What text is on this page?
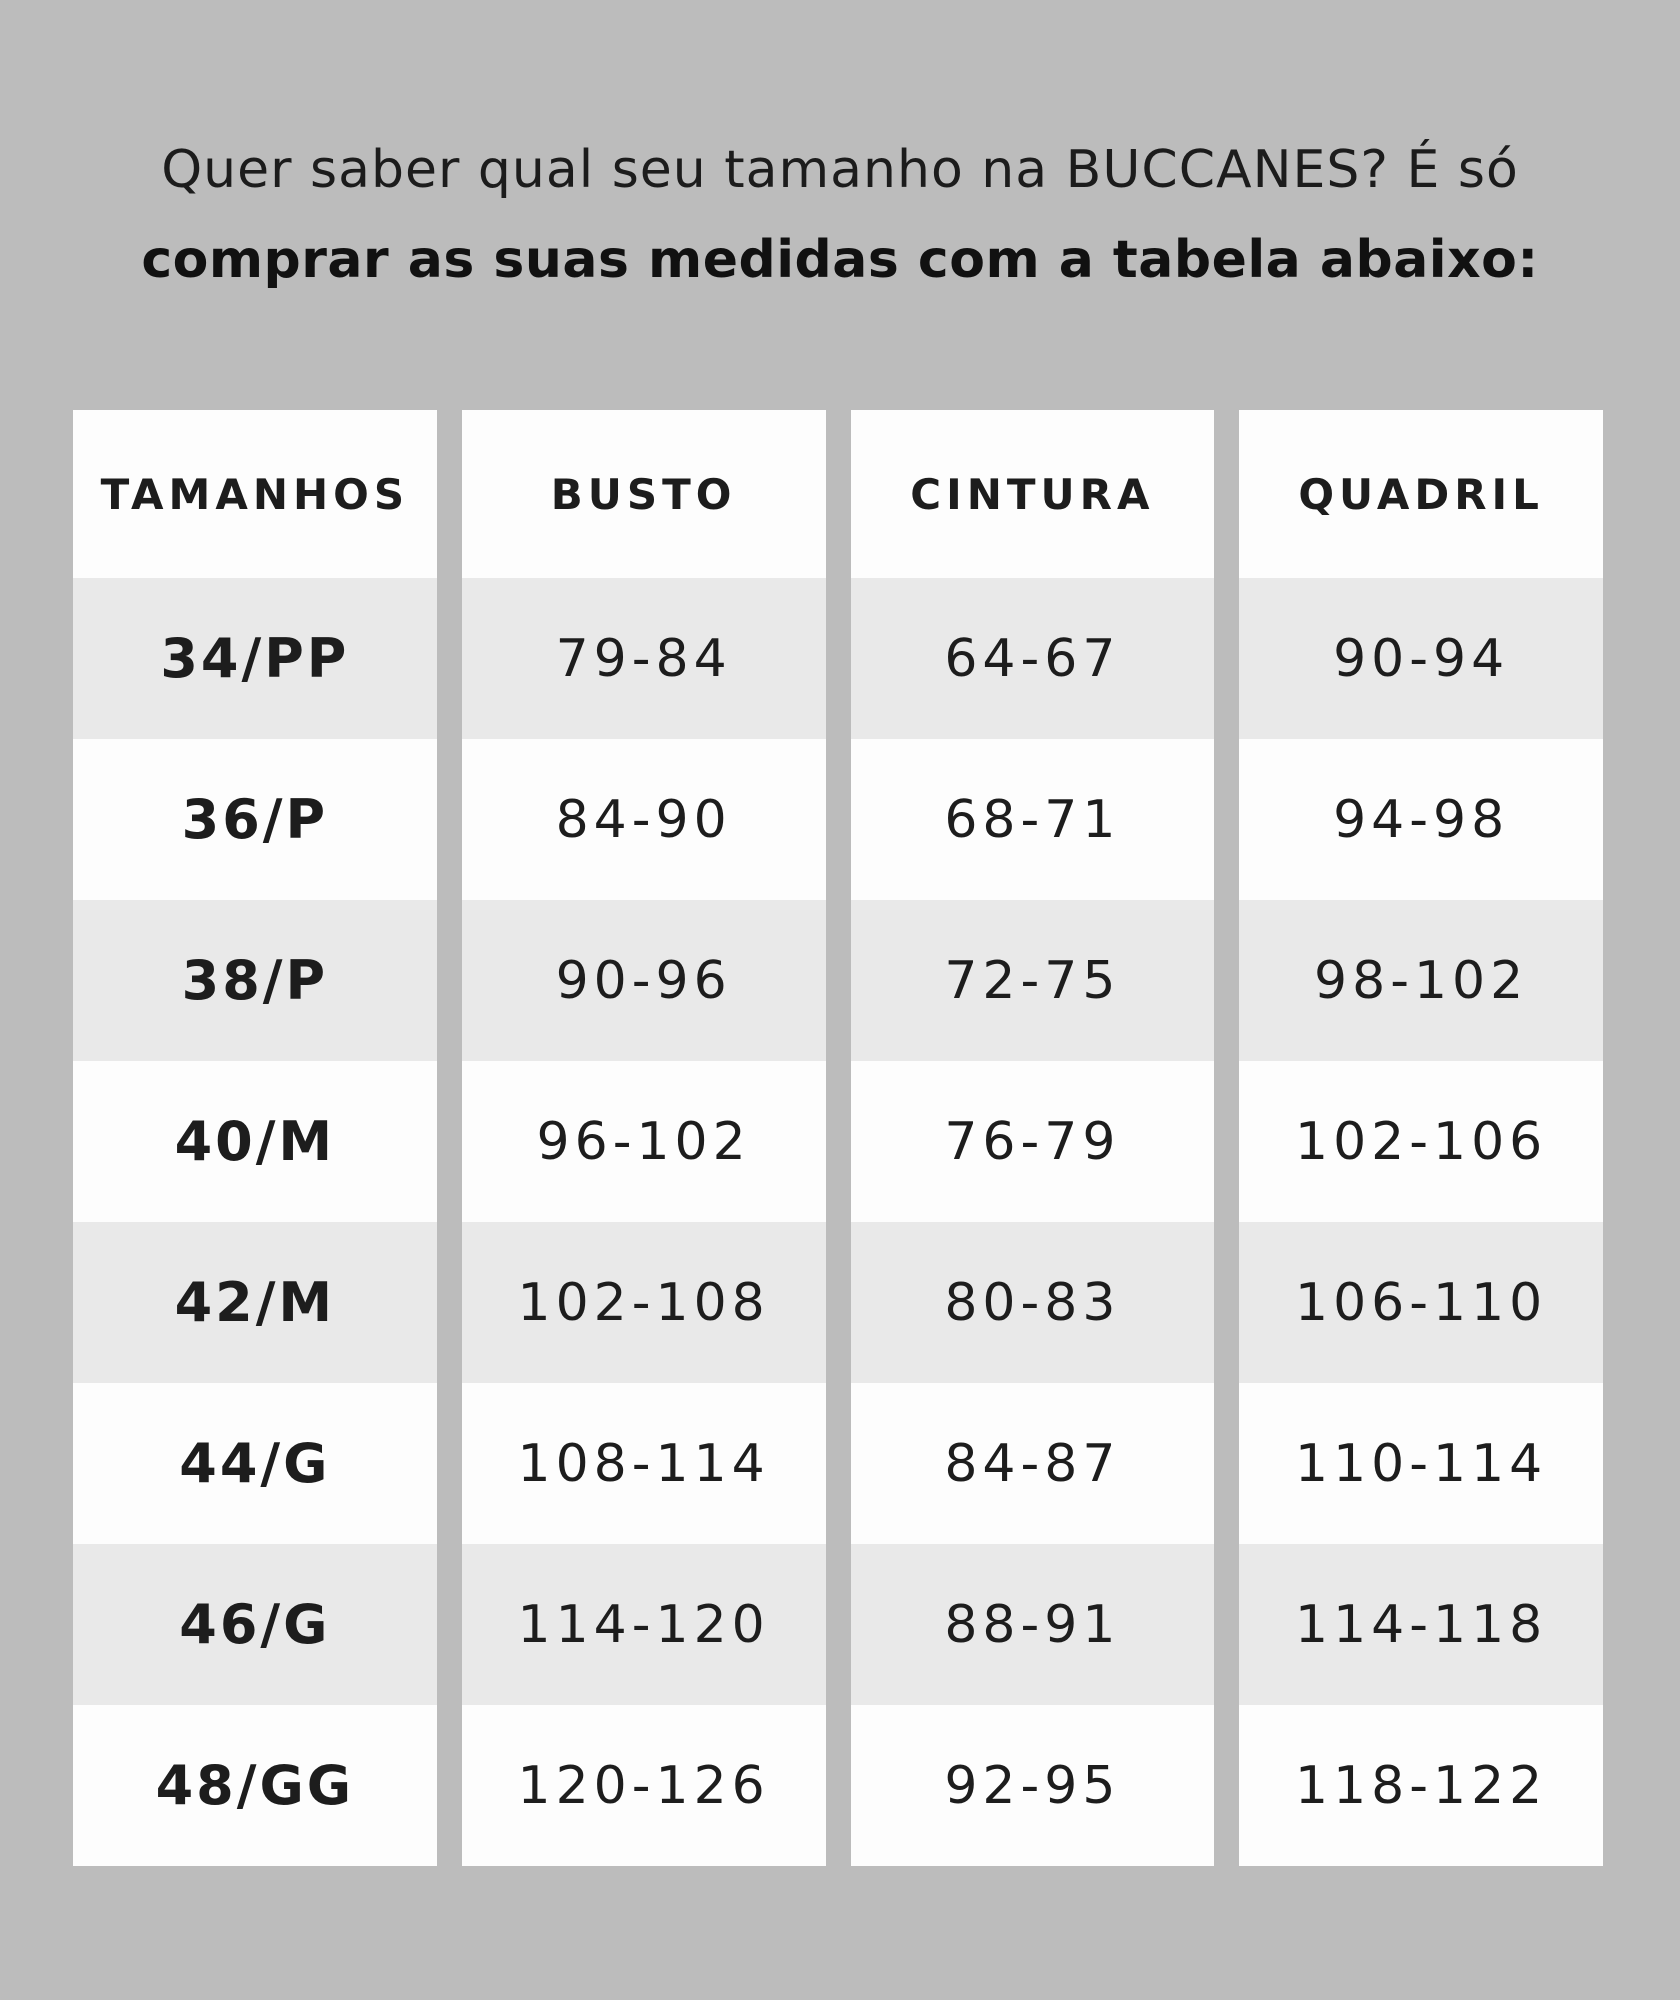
Quer saber qual seu tamanho na BUCCANES? É só
comprar as suas medidas com a tabela abaixo:
TAMANHOS	BUSTO	CINTURA	QUADRIL
34/PP	79-84	64-67	90-94
36/P	84-90	68-71	94-98
38/P	90-96	72-75	98-102
40/M	96-102	76-79	102-106
42/M	102-108	80-83	106-110
44/G	108-114	84-87	110-114
46/G	114-120	88-91	114-118
48/GG	120-126	92-95	118-122
